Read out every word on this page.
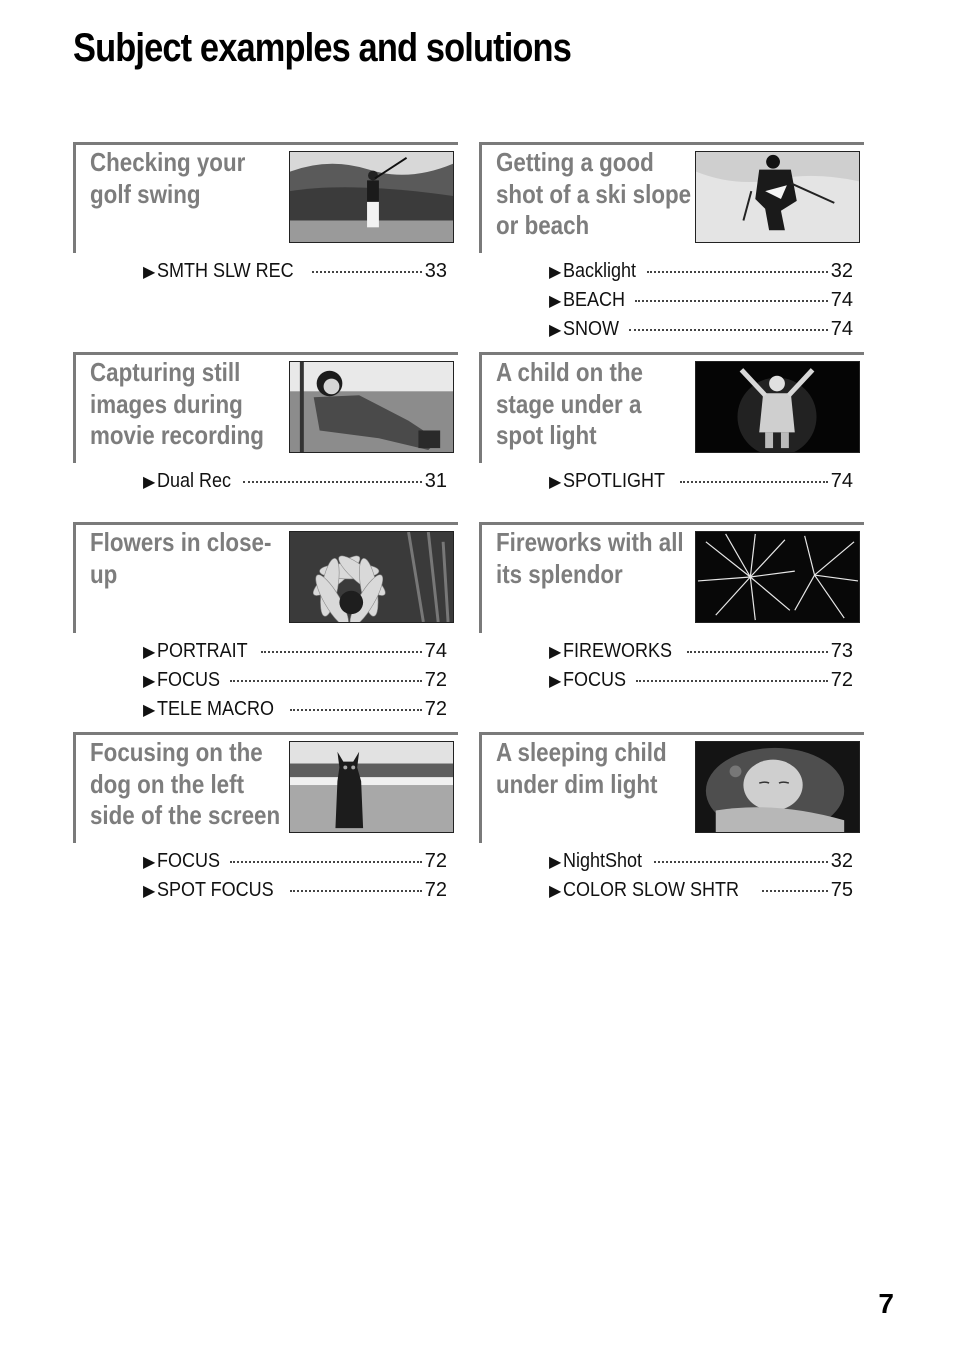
Subject examples and solutions
Checking your golf swing
▶ SMTH SLW REC	33
Getting a good shot of a ski slope or beach
▶ Backlight	32
▶ BEACH	74
▶ SNOW	74
Capturing still images during movie recording
▶ Dual Rec	31
A child on the stage under a spot light
▶ SPOTLIGHT	74
Flowers in close-up
▶ PORTRAIT	74
▶ FOCUS	72
▶ TELE MACRO	72
Fireworks with all its splendor
▶ FIREWORKS	73
▶ FOCUS	72
Focusing on the dog on the left side of the screen
▶ FOCUS	72
▶ SPOT FOCUS	72
A sleeping child under dim light
▶ NightShot	32
▶ COLOR SLOW SHTR	75
7
